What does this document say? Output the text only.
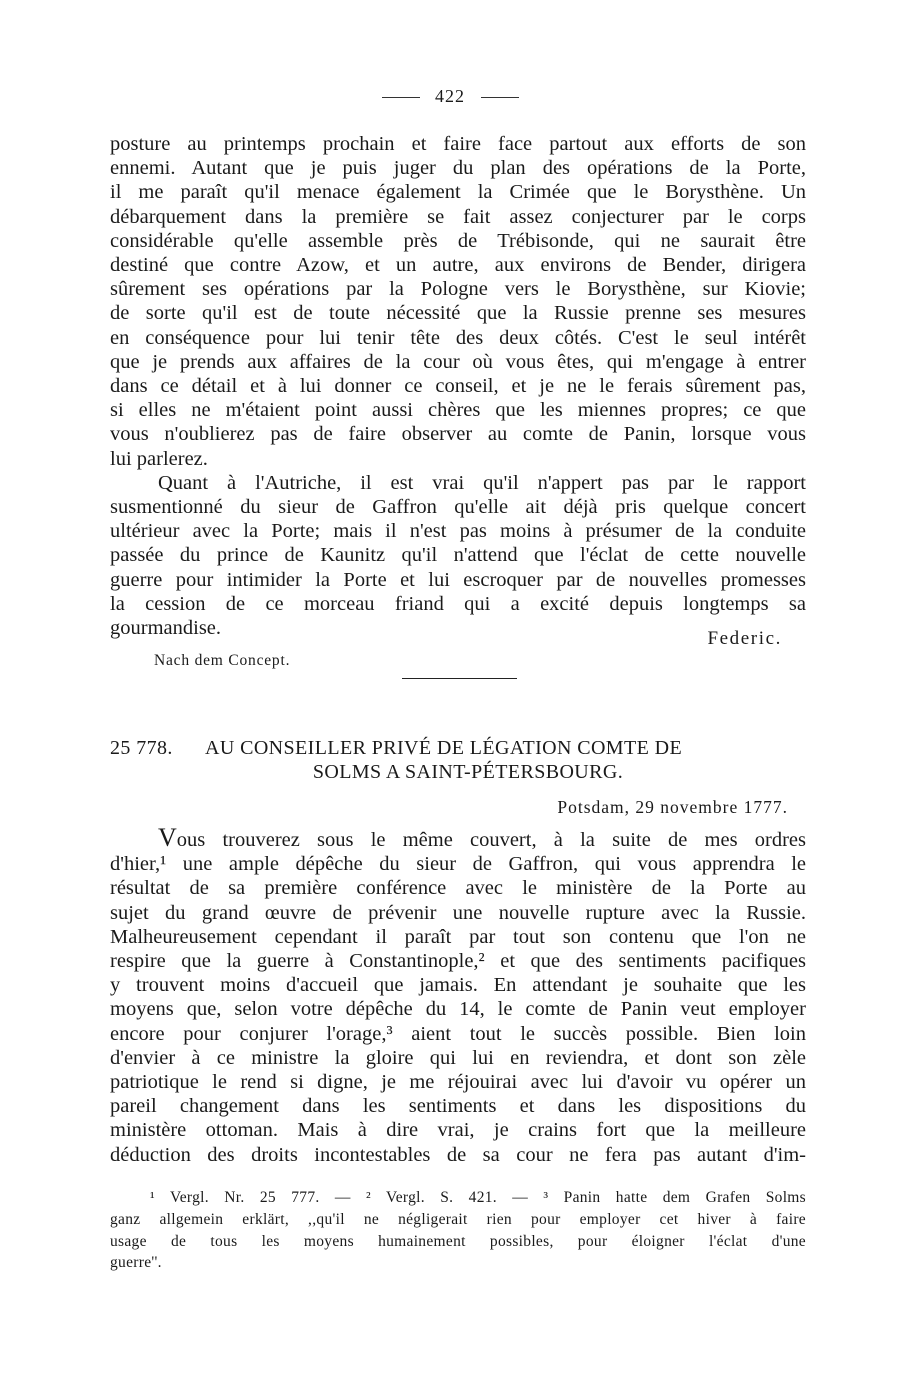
422
posture au printemps prochain et faire face partout aux efforts de son
ennemi. Autant que je puis juger du plan des opérations de la Porte,
il me paraît qu'il menace également la Crimée que le Borysthène. Un
débarquement dans la première se fait assez conjecturer par le corps
considérable qu'elle assemble près de Trébisonde, qui ne saurait être
destiné que contre Azow, et un autre, aux environs de Bender, dirigera
sûrement ses opérations par la Pologne vers le Borysthène, sur Kiovie;
de sorte qu'il est de toute nécessité que la Russie prenne ses mesures
en conséquence pour lui tenir tête des deux côtés. C'est le seul intérêt
que je prends aux affaires de la cour où vous êtes, qui m'engage à entrer
dans ce détail et à lui donner ce conseil, et je ne le ferais sûrement pas,
si elles ne m'étaient point aussi chères que les miennes propres; ce que
vous n'oublierez pas de faire observer au comte de Panin, lorsque vous
lui parlerez.
Quant à l'Autriche, il est vrai qu'il n'appert pas par le rapport
susmentionné du sieur de Gaffron qu'elle ait déjà pris quelque concert
ultérieur avec la Porte; mais il n'est pas moins à présumer de la conduite
passée du prince de Kaunitz qu'il n'attend que l'éclat de cette nouvelle
guerre pour intimider la Porte et lui escroquer par de nouvelles promesses
la cession de ce morceau friand qui a excité depuis longtemps sa
gourmandise.	Federic.
Nach dem Concept.
25 778.	AU CONSEILLER PRIVÉ DE LÉGATION COMTE DE
SOLMS A SAINT-PÉTERSBOURG.
Potsdam, 29 novembre 1777.
Vous trouverez sous le même couvert, à la suite de mes ordres
d'hier,¹ une ample dépêche du sieur de Gaffron, qui vous apprendra le
résultat de sa première conférence avec le ministère de la Porte au
sujet du grand œuvre de prévenir une nouvelle rupture avec la Russie.
Malheureusement cependant il paraît par tout son contenu que l'on ne
respire que la guerre à Constantinople,² et que des sentiments pacifiques
y trouvent moins d'accueil que jamais. En attendant je souhaite que les
moyens que, selon votre dépêche du 14, le comte de Panin veut employer
encore pour conjurer l'orage,³ aient tout le succès possible. Bien loin
d'envier à ce ministre la gloire qui lui en reviendra, et dont son zèle
patriotique le rend si digne, je me réjouirai avec lui d'avoir vu opérer un
pareil changement dans les sentiments et dans les dispositions du
ministère ottoman. Mais à dire vrai, je crains fort que la meilleure
déduction des droits incontestables de sa cour ne fera pas autant d'im-
¹ Vergl. Nr. 25 777. — ² Vergl. S. 421. — ³ Panin hatte dem Grafen Solms
ganz allgemein erklärt, ,,qu'il ne négligerait rien pour employer cet hiver à faire
usage de tous les moyens humainement possibles, pour éloigner l'éclat d'une
guerre''.
